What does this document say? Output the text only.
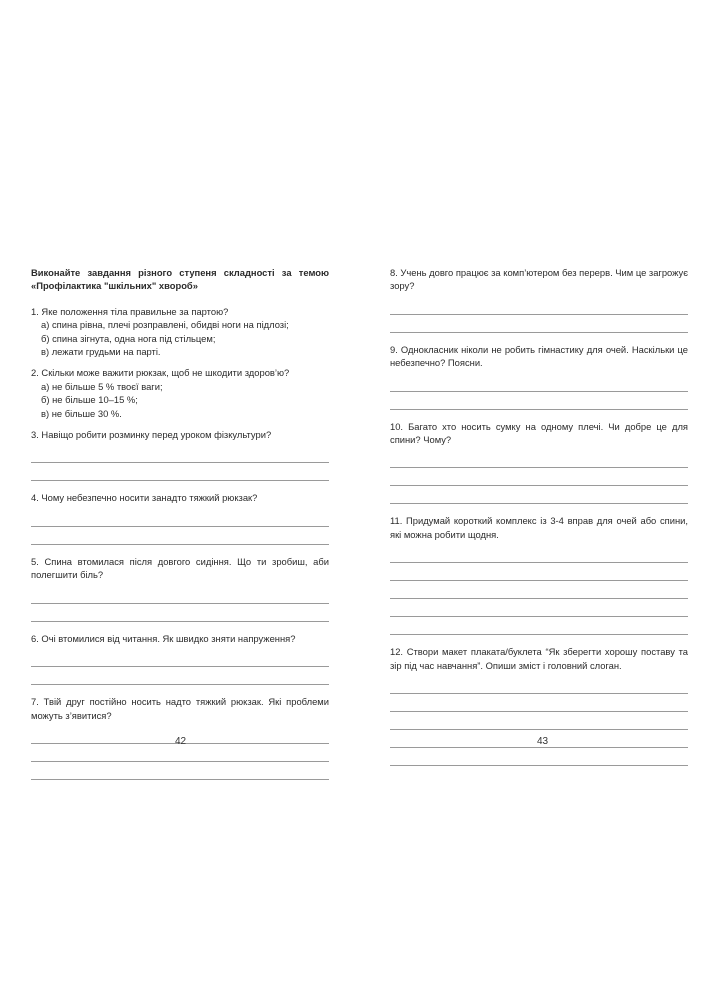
Виконайте завдання різного ступеня складності за темою «Профілактика "шкільних" хвороб»

1. Яке положення тіла правильне за партою?

а) спина рівна, плечі розправлені, обидві ноги на підлозі;

б) спина зігнута, одна нога під стільцем;

в) лежати грудьми на парті.

2. Скільки може важити рюкзак, щоб не шкодити здоров’ю?

а) не більше 5 % твоєї ваги;

б) не більше 10–15 %;

в) не більше 30 %.

3. Навіщо робити розминку перед уроком фізкультури?

4. Чому небезпечно носити занадто тяжкий рюкзак?

5. Спина втомилася після довгого сидіння. Що ти зробиш, аби полегшити біль?

6. Очі втомилися від читання. Як швидко зняти напруження?

7. Твій друг постійно носить надто тяжкий рюкзак. Які проблеми можуть з’явитися?

8. Учень довго працює за комп’ютером без перерв. Чим це загрожує зору?

9. Однокласник ніколи не робить гімнастику для очей. Наскільки це небезпечно? Поясни.

10. Багато хто носить сумку на одному плечі. Чи добре це для спини? Чому?

11. Придумай короткий комплекс із 3-4 вправ для очей або спини, які можна робити щодня.

12. Створи макет плаката/буклета “Як зберегти хорошу поставу та зір під час навчання”. Опиши зміст і головний слоган.

42	43
